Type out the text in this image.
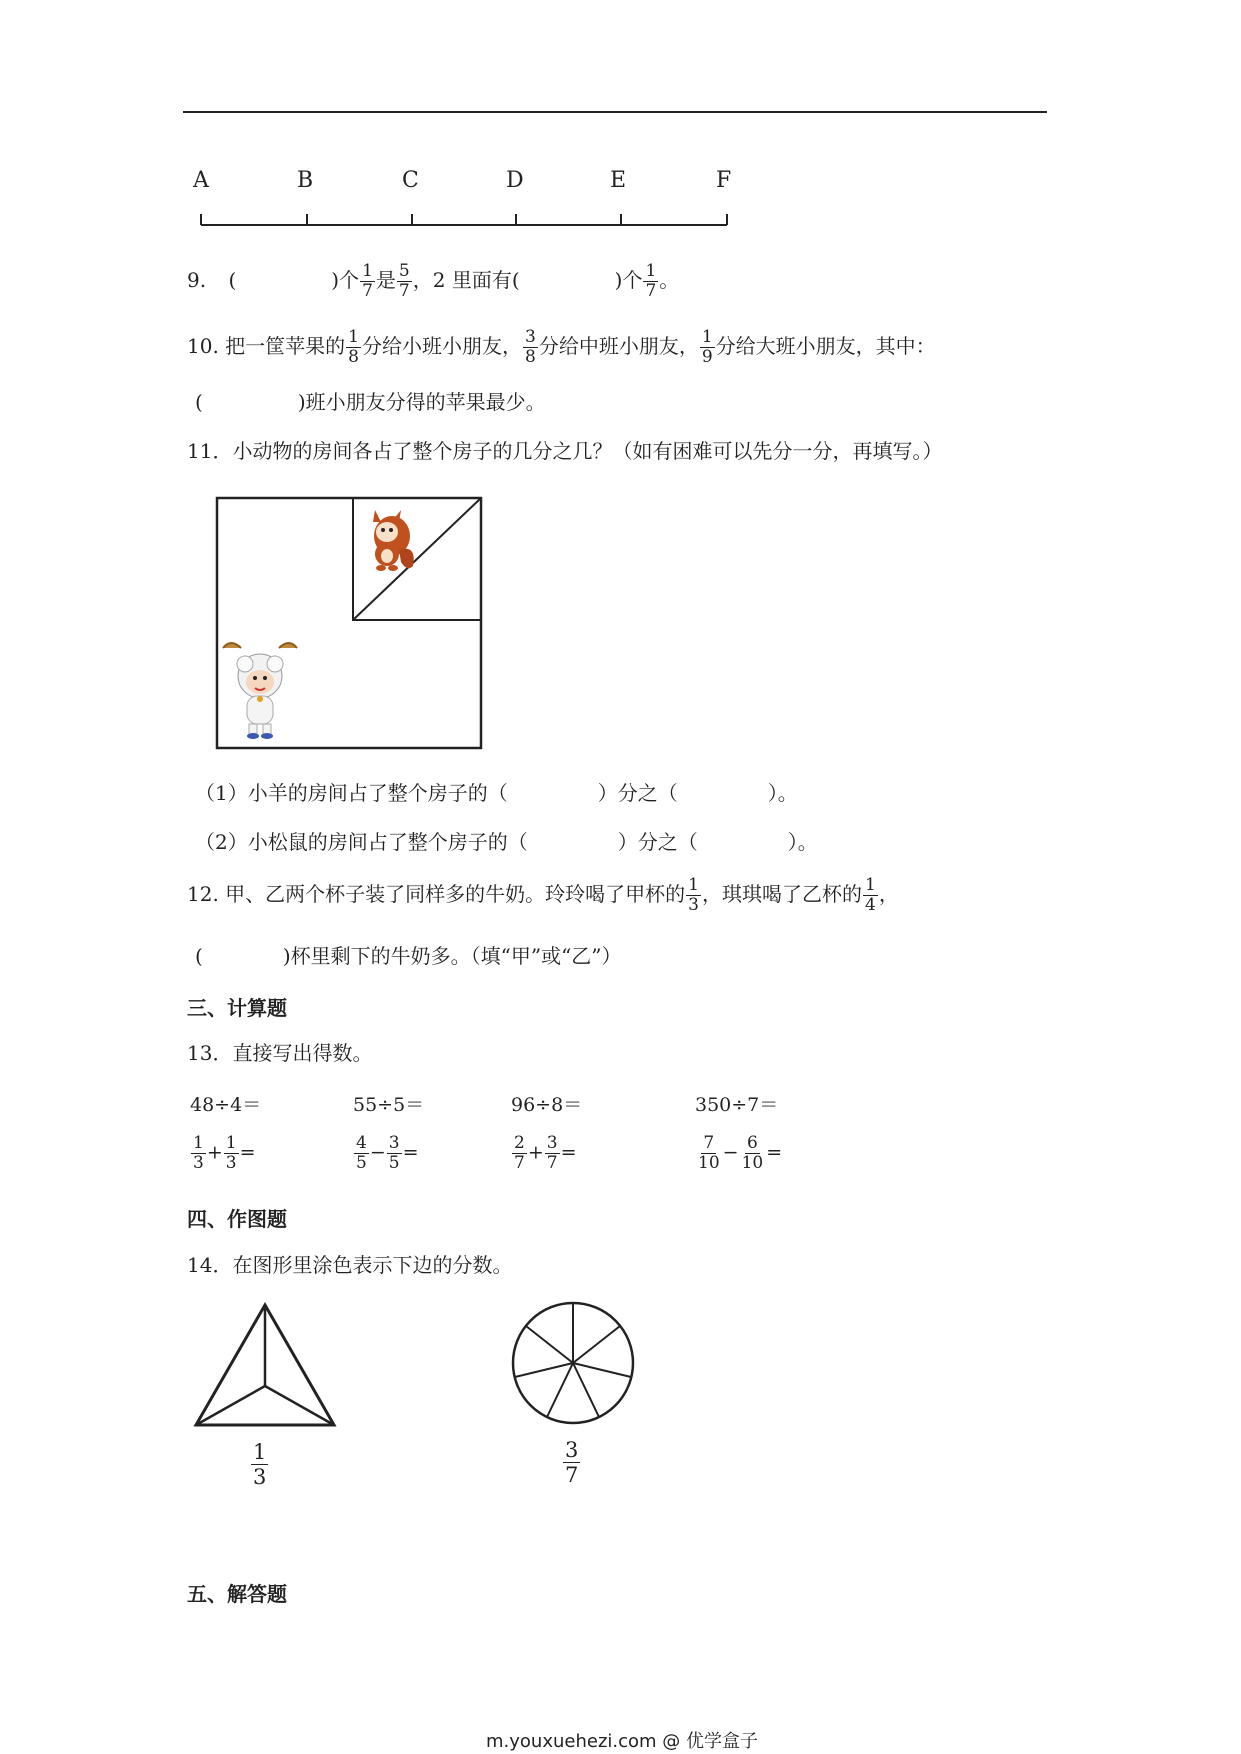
A	B	C	D	E	F
9. (	)个 $\frac{1}{7}$ 是 $\frac{5}{7}$ ，2 里面有(	)个 $\frac{1}{7}$ 。
10. 把一筐苹果的 $\frac{1}{8}$ 分给小班小朋友， $\frac{3}{8}$ 分给中班小朋友， $\frac{1}{9}$ 分给大班小朋友，其中：
(	)班小朋友分得的苹果最少。
11．小动物的房间各占了整个房子的几分之几？（如有困难可以先分一分，再填写。）
（1）小羊的房间占了整个房子的（	）分之（	）。
（2）小松鼠的房间占了整个房子的（	）分之（	）。
12. 甲、乙两个杯子装了同样多的牛奶。玲玲喝了甲杯的 $\frac{1}{3}$ ，琪琪喝了乙杯的 $\frac{1}{4}$ ，
(	)杯里剩下的牛奶多。（填“甲”或“乙”）
三、计算题
13．直接写出得数。
48÷4＝	55÷5＝	96÷8＝	350÷7＝
$\frac{1}{3} + \frac{1}{3}$ =	$\frac{4}{5} - \frac{3}{5}$ =	$\frac{2}{7} + \frac{3}{7}$ =	$\frac{7}{10} - \frac{6}{10}$ =
四、作图题
14．在图形里涂色表示下边的分数。
$\frac{1}{3}$	$\frac{3}{7}$
五、解答题
m.youxuehezi.com @ 优学盒子
